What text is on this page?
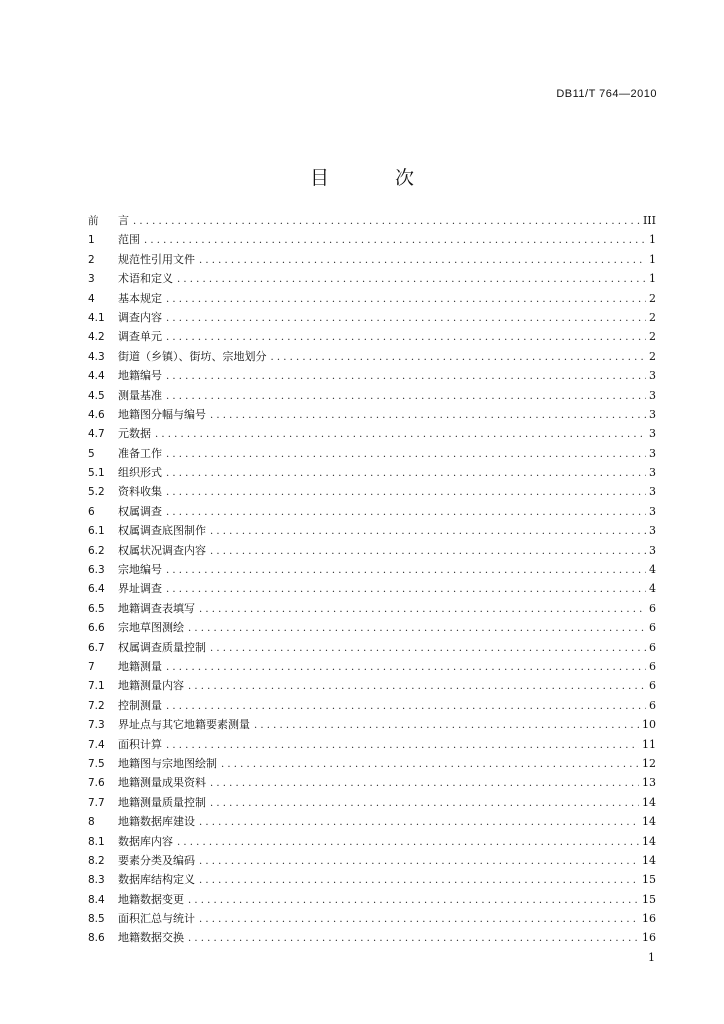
DB11/T 764—2010
目 次
前	言 .....	III
1	范围 .....	1
2	规范性引用文件 .....	1
3	术语和定义 .....	1
4	基本规定 .....	2
4.1	调查内容 .....	2
4.2	调查单元 .....	2
4.3	街道（乡镇）、街坊、宗地划分 .....	2
4.4	地籍编号 .....	3
4.5	测量基准 .....	3
4.6	地籍图分幅与编号 .....	3
4.7	元数据 .....	3
5	准备工作 .....	3
5.1	组织形式 .....	3
5.2	资料收集 .....	3
6	权属调查 .....	3
6.1	权属调查底图制作 .....	3
6.2	权属状况调查内容 .....	3
6.3	宗地编号 .....	4
6.4	界址调查 .....	4
6.5	地籍调查表填写 .....	6
6.6	宗地草图测绘 .....	6
6.7	权属调查质量控制 .....	6
7	地籍测量 .....	6
7.1	地籍测量内容 .....	6
7.2	控制测量 .....	6
7.3	界址点与其它地籍要素测量 .....	10
7.4	面积计算 .....	11
7.5	地籍图与宗地图绘制 .....	12
7.6	地籍测量成果资料 .....	13
7.7	地籍测量质量控制 .....	14
8	地籍数据库建设 .....	14
8.1	数据库内容 .....	14
8.2	要素分类及编码 .....	14
8.3	数据库结构定义 .....	15
8.4	地籍数据变更 .....	15
8.5	面积汇总与统计 .....	16
8.6	地籍数据交换 .....	16
1
